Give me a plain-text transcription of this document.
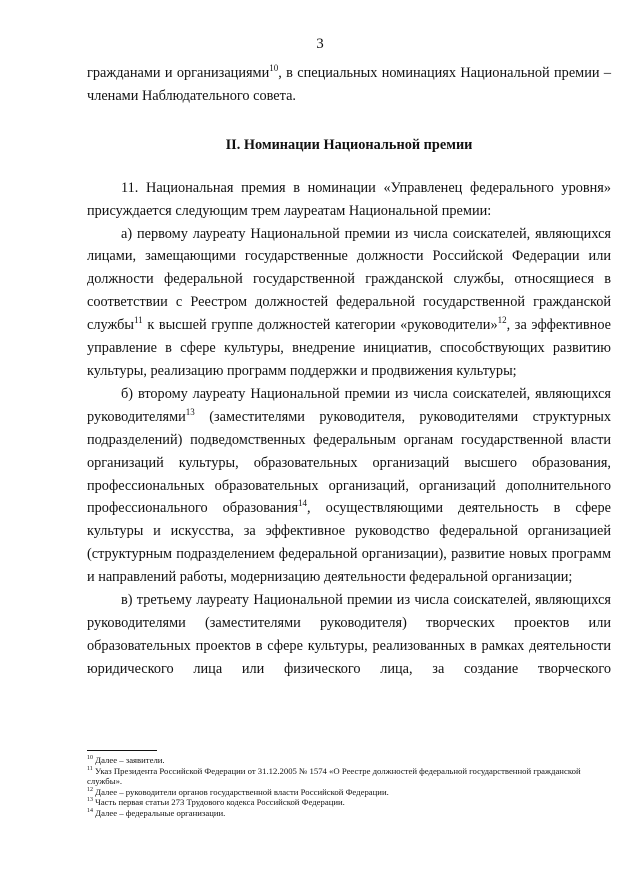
3

гражданами и организациями$^{10}$, в специальных номинациях Национальной премии – членами Наблюдательного совета.

II. Номинации Национальной премии

11. Национальная премия в номинации «Управленец федерального уровня» присуждается следующим трем лауреатам Национальной премии:

а) первому лауреату Национальной премии из числа соискателей, являющихся лицами, замещающими государственные должности Российской Федерации или должности федеральной государственной гражданской службы, относящиеся в соответствии с Реестром должностей федеральной государственной гражданской службы$^{11}$ к высшей группе должностей категории «руководители»$^{12}$, за эффективное управление в сфере культуры, внедрение инициатив, способствующих развитию культуры, реализацию программ поддержки и продвижения культуры;

б) второму лауреату Национальной премии из числа соискателей, являющихся руководителями$^{13}$ (заместителями руководителя, руководителями структурных подразделений) подведомственных федеральным органам государственной власти организаций культуры, образовательных организаций высшего образования, профессиональных образовательных организаций, организаций дополнительного профессионального образования$^{14}$, осуществляющими деятельность в сфере культуры и искусства, за эффективное руководство федеральной организацией (структурным подразделением федеральной организации), развитие новых программ и направлений работы, модернизацию деятельности федеральной организации;

в) третьему лауреату Национальной премии из числа соискателей, являющихся руководителями (заместителями руководителя) творческих проектов или образовательных проектов в сфере культуры, реализованных в рамках деятельности юридического лица или физического лица, за создание творческого

$^{10}$ Далее – заявители.
$^{11}$ Указ Президента Российской Федерации от 31.12.2005 № 1574 «О Реестре должностей федеральной государственной гражданской службы».
$^{12}$ Далее – руководители органов государственной власти Российской Федерации.
$^{13}$ Часть первая статьи 273 Трудового кодекса Российской Федерации.
$^{14}$ Далее – федеральные организации.
